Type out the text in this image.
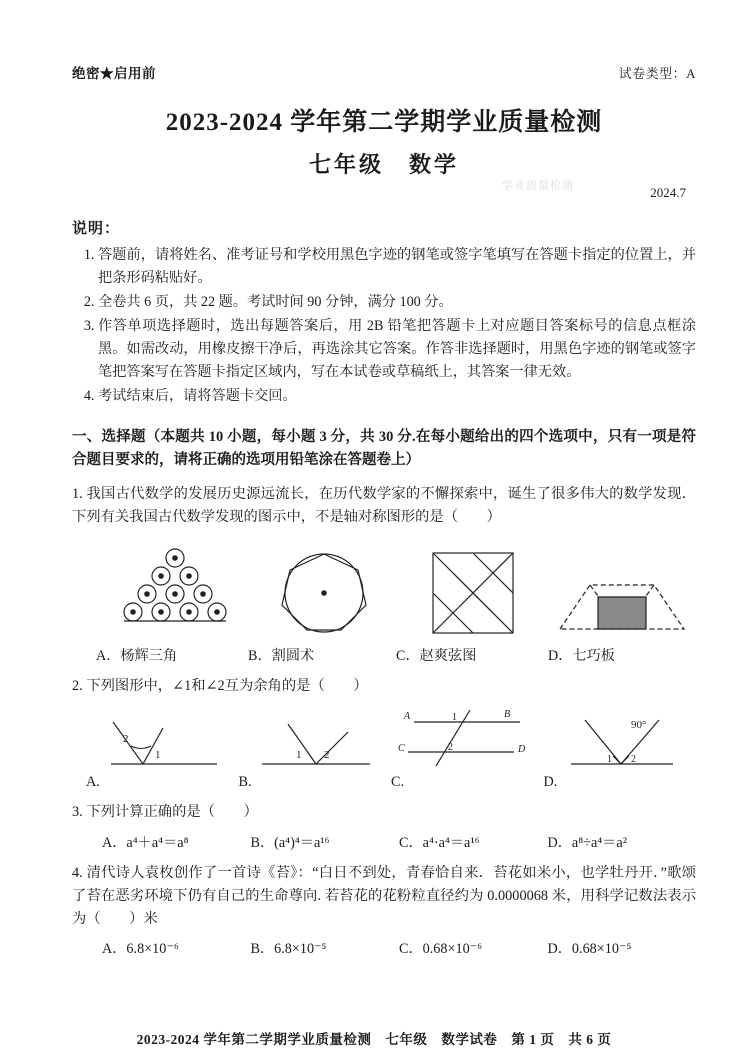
绝密★启用前	试卷类型：A
2023-2024 学年第二学期学业质量检测
七年级　数学
学业质量检测	2024.7
说明：
1. 答题前，请将姓名、准考证号和学校用黑色字迹的钢笔或签字笔填写在答题卡指定的位置上，并把条形码粘贴好。
2. 全卷共 6 页，共 22 题。考试时间 90 分钟，满分 100 分。
3. 作答单项选择题时，选出每题答案后，用 2B 铅笔把答题卡上对应题目答案标号的信息点框涂黑。如需改动，用橡皮擦干净后，再选涂其它答案。作答非选择题时，用黑色字迹的钢笔或签字笔把答案写在答题卡指定区域内，写在本试卷或草稿纸上，其答案一律无效。
4. 考试结束后，请将答题卡交回。
一、选择题（本题共 10 小题，每小题 3 分，共 30 分.在每小题给出的四个选项中，只有一项是符合题目要求的，请将正确的选项用铅笔涂在答题卷上）
1. 我国古代数学的发展历史源远流长，在历代数学家的不懈探索中，诞生了很多伟大的数学发现．下列有关我国古代数学发现的图示中，不是轴对称图形的是（　　）
A．杨辉三角	B．割圆术	C．赵爽弦图	D．七巧板
2. 下列图形中，∠1和∠2互为余角的是（　　）
2
1	1 2
A	B
C	D
1
2
90°
1 2
A.	B.	C.	D.
3. 下列计算正确的是（　　）
A．a⁴＋a⁴＝a⁸	B．(a⁴)⁴＝a¹⁶	C．a⁴·a⁴＝a¹⁶	D．a⁸÷a⁴＝a²
4. 清代诗人袁枚创作了一首诗《苔》：“白日不到处，青春恰自来．苔花如米小，也学牡丹开．”歌颂了苔在恶劣环境下仍有自己的生命尊向. 若苔花的花粉粒直径约为 0.0000068 米，用科学记数法表示为（　　）米
A．6.8×10⁻⁶	B．6.8×10⁻⁵	C．0.68×10⁻⁶	D．0.68×10⁻⁵
2023-2024 学年第二学期学业质量检测　七年级　数学试卷　第 1 页　共 6 页
